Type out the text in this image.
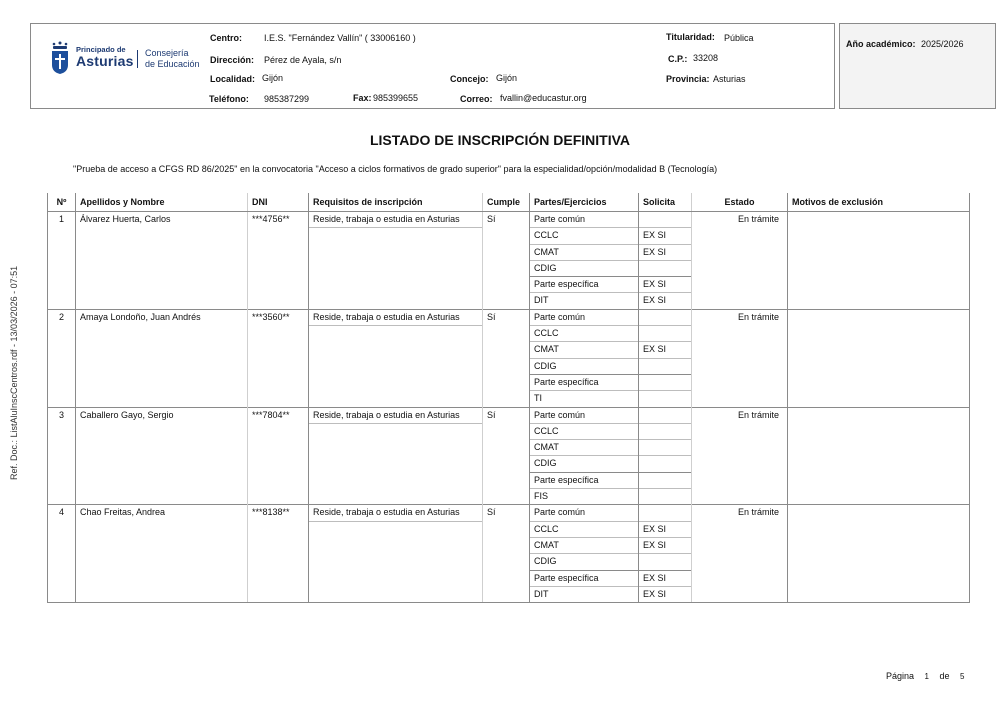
Principado de
Asturias Consejería
de Educación
Centro: I.E.S. "Fernández Vallín" ( 33006160 )
Dirección: Pérez de Ayala, s/n
Localidad: Gijón	Concejo: Gijón
Teléfono: 985387299	Fax: 985399655	Correo: fvallin@educastur.org
Titularidad: Pública
C.P.: 33208
Provincia: Asturias
Año académico: 2025/2026
LISTADO DE INSCRIPCIÓN DEFINITIVA
"Prueba de acceso a CFGS RD 86/2025" en la convocatoria "Acceso a ciclos formativos de grado superior" para la especialidad/opción/modalidad B (Tecnología)
Ref. Doc.: ListAluInscCentros.rdf - 13/03/2026 - 07:51
Nº	Apellidos y Nombre	DNI	Requisitos de inscripción	Cumple	Partes/Ejercicios	Solicita	Estado	Motivos de exclusión
1	Álvarez Huerta, Carlos	***4756**	Reside, trabaja o estudia en Asturias	Sí	Parte común		En trámite	
					CCLC	EX SI		
					CMAT	EX SI		
					CDIG			
					Parte específica	EX SI		
					DIT	EX SI		
2	Amaya Londoño, Juan Andrés	***3560**	Reside, trabaja o estudia en Asturias	Sí	Parte común		En trámite	
					CCLC			
					CMAT	EX SI		
					CDIG			
					Parte específica			
					TI			
3	Caballero Gayo, Sergio	***7804**	Reside, trabaja o estudia en Asturias	Sí	Parte común		En trámite	
					CCLC			
					CMAT			
					CDIG			
					Parte específica			
					FIS			
4	Chao Freitas, Andrea	***8138**	Reside, trabaja o estudia en Asturias	Sí	Parte común		En trámite	
					CCLC	EX SI		
					CMAT	EX SI		
					CDIG			
					Parte específica	EX SI		
					DIT	EX SI		
Página 1 de 5
